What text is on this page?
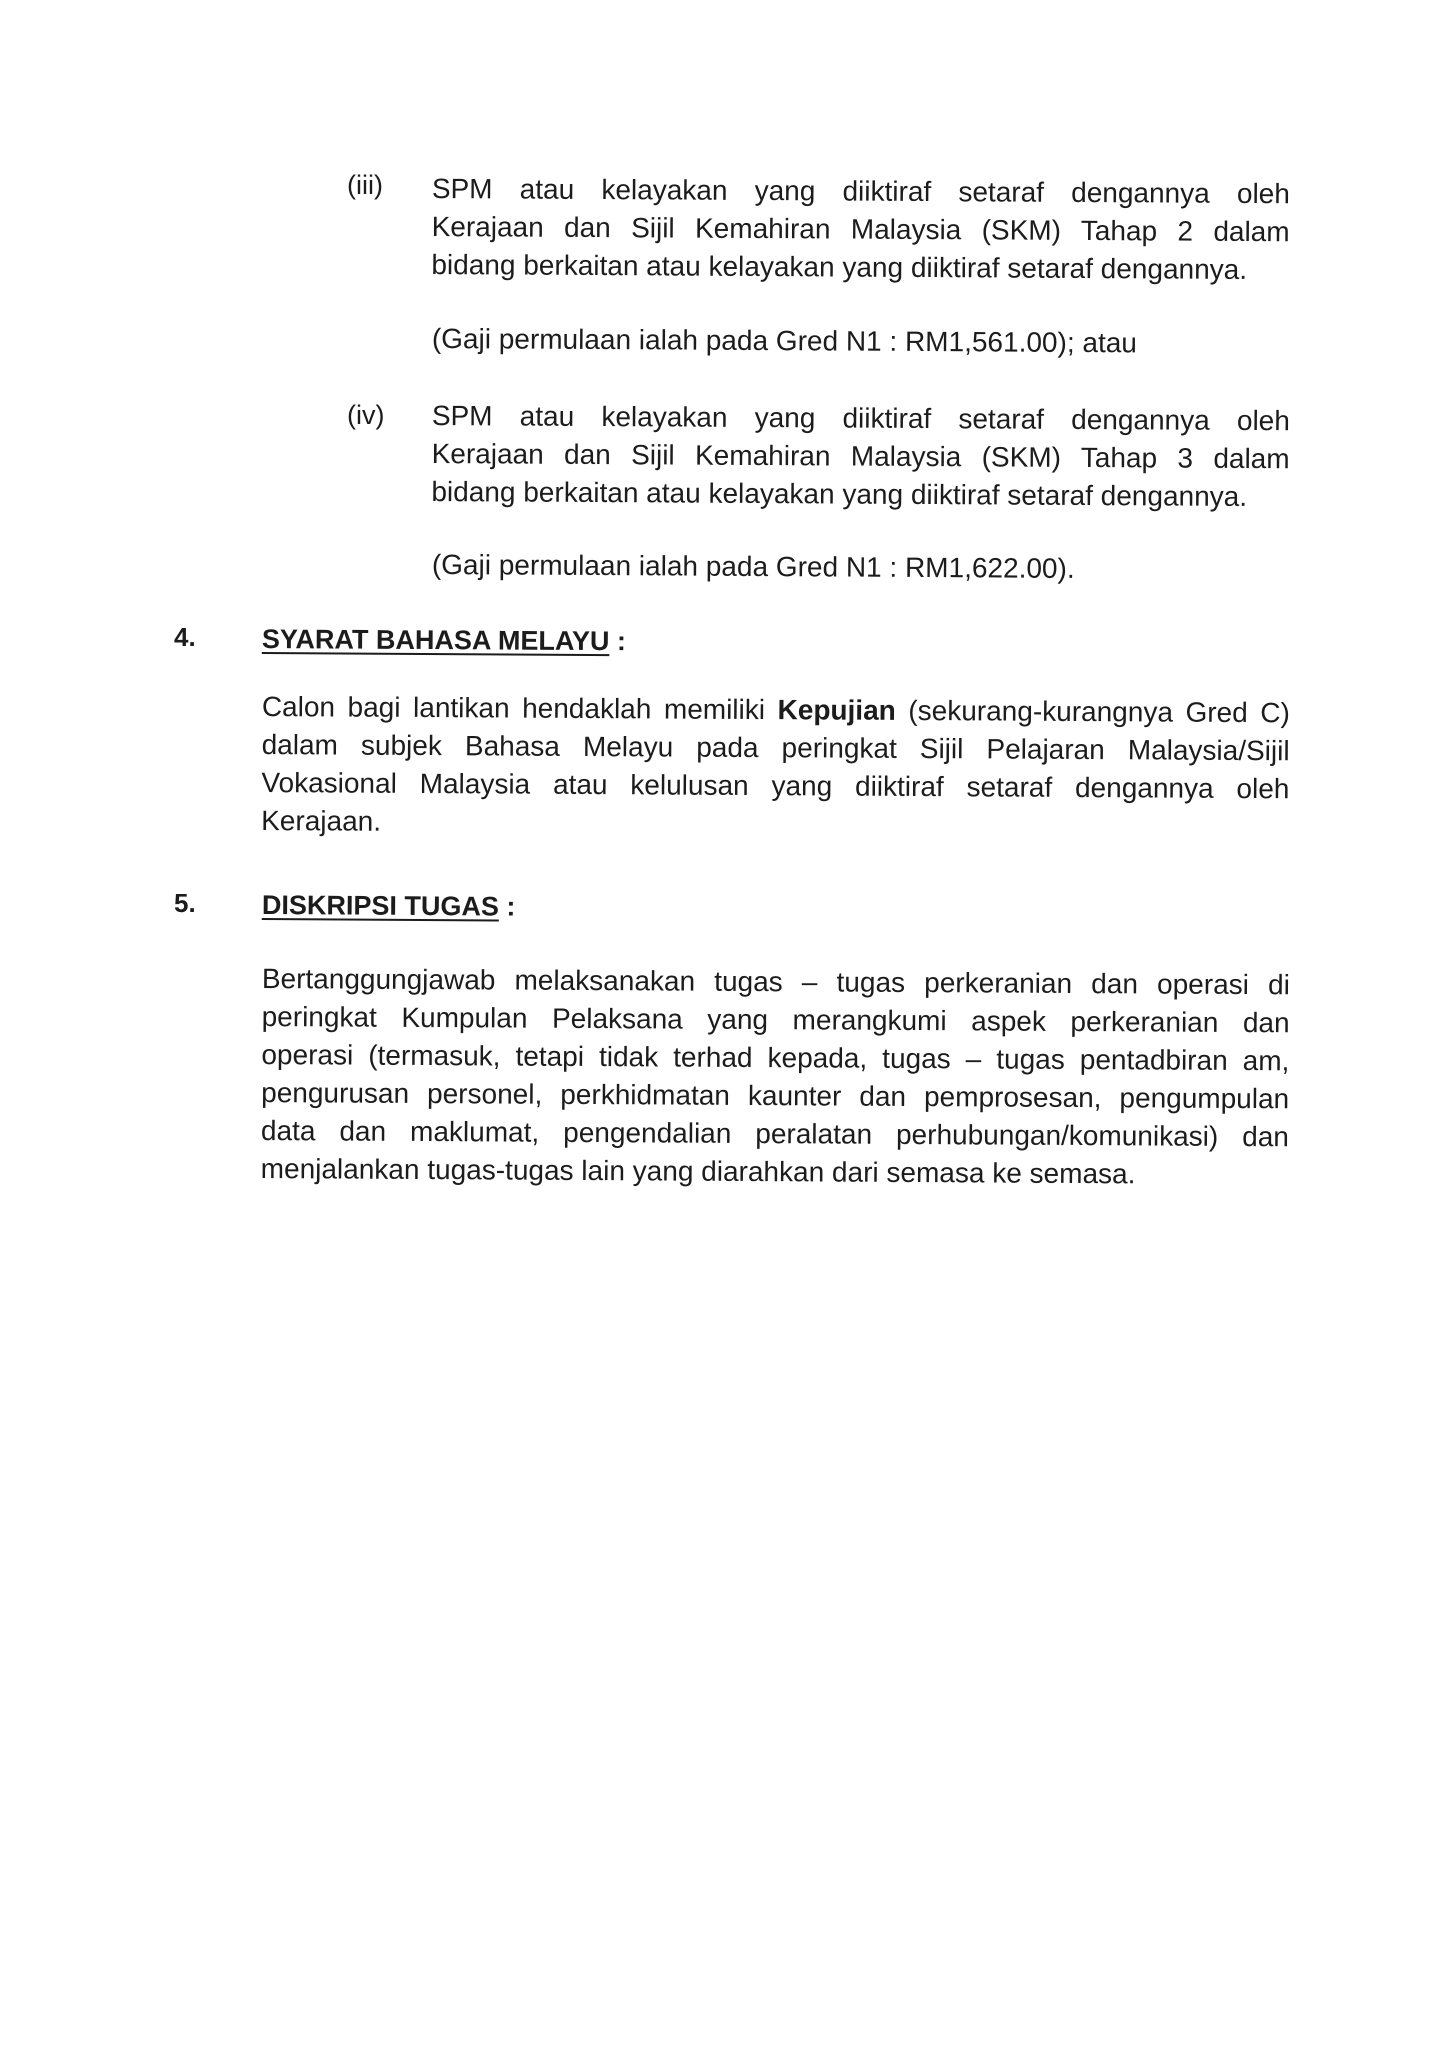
(iii) SPM atau kelayakan yang diiktiraf setaraf dengannya oleh
Kerajaan dan Sijil Kemahiran Malaysia (SKM) Tahap 2 dalam
bidang berkaitan atau kelayakan yang diiktiraf setaraf dengannya.
(Gaji permulaan ialah pada Gred N1 : RM1,561.00); atau
(iv) SPM atau kelayakan yang diiktiraf setaraf dengannya oleh
Kerajaan dan Sijil Kemahiran Malaysia (SKM) Tahap 3 dalam
bidang berkaitan atau kelayakan yang diiktiraf setaraf dengannya.
(Gaji permulaan ialah pada Gred N1 : RM1,622.00).
4. SYARAT BAHASA MELAYU :
Calon bagi lantikan hendaklah memiliki Kepujian (sekurang-kurangnya Gred C)
dalam subjek Bahasa Melayu pada peringkat Sijil Pelajaran Malaysia/Sijil
Vokasional Malaysia atau kelulusan yang diiktiraf setaraf dengannya oleh
Kerajaan.
5. DISKRIPSI TUGAS :
Bertanggungjawab melaksanakan tugas – tugas perkeranian dan operasi di
peringkat Kumpulan Pelaksana yang merangkumi aspek perkeranian dan
operasi (termasuk, tetapi tidak terhad kepada, tugas – tugas pentadbiran am,
pengurusan personel, perkhidmatan kaunter dan pemprosesan, pengumpulan
data dan maklumat, pengendalian peralatan perhubungan/komunikasi) dan
menjalankan tugas-tugas lain yang diarahkan dari semasa ke semasa.
